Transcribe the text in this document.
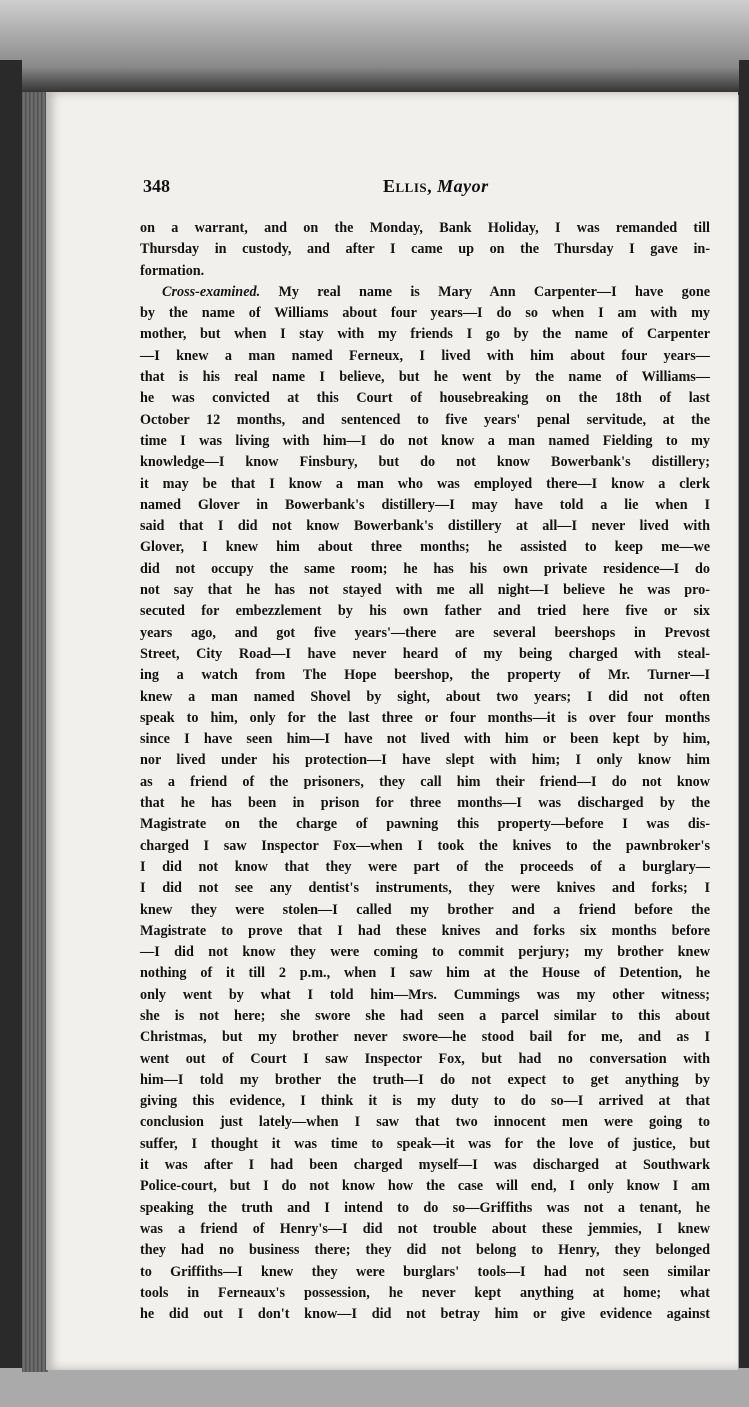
348	Ellis, Mayor
on a warrant, and on the Monday, Bank Holiday, I was remanded till
Thursday in custody, and after I came up on the Thursday I gave in-
formation.
Cross-examined. My real name is Mary Ann Carpenter—I have gone
by the name of Williams about four years—I do so when I am with my
mother, but when I stay with my friends I go by the name of Carpenter
—I knew a man named Ferneux, I lived with him about four years—
that is his real name I believe, but he went by the name of Williams—
he was convicted at this Court of housebreaking on the 18th of last
October 12 months, and sentenced to five years' penal servitude, at the
time I was living with him—I do not know a man named Fielding to my
knowledge—I know Finsbury, but do not know Bowerbank's distillery;
it may be that I know a man who was employed there—I know a clerk
named Glover in Bowerbank's distillery—I may have told a lie when I
said that I did not know Bowerbank's distillery at all—I never lived with
Glover, I knew him about three months; he assisted to keep me—we
did not occupy the same room; he has his own private residence—I do
not say that he has not stayed with me all night—I believe he was pro-
secuted for embezzlement by his own father and tried here five or six
years ago, and got five years'—there are several beershops in Prevost
Street, City Road—I have never heard of my being charged with steal-
ing a watch from The Hope beershop, the property of Mr. Turner—I
knew a man named Shovel by sight, about two years; I did not often
speak to him, only for the last three or four months—it is over four months
since I have seen him—I have not lived with him or been kept by him,
nor lived under his protection—I have slept with him; I only know him
as a friend of the prisoners, they call him their friend—I do not know
that he has been in prison for three months—I was discharged by the
Magistrate on the charge of pawning this property—before I was dis-
charged I saw Inspector Fox—when I took the knives to the pawnbroker's
I did not know that they were part of the proceeds of a burglary—
I did not see any dentist's instruments, they were knives and forks; I
knew they were stolen—I called my brother and a friend before the
Magistrate to prove that I had these knives and forks six months before
—I did not know they were coming to commit perjury; my brother knew
nothing of it till 2 p.m., when I saw him at the House of Detention, he
only went by what I told him—Mrs. Cummings was my other witness;
she is not here; she swore she had seen a parcel similar to this about
Christmas, but my brother never swore—he stood bail for me, and as I
went out of Court I saw Inspector Fox, but had no conversation with
him—I told my brother the truth—I do not expect to get anything by
giving this evidence, I think it is my duty to do so—I arrived at that
conclusion just lately—when I saw that two innocent men were going to
suffer, I thought it was time to speak—it was for the love of justice, but
it was after I had been charged myself—I was discharged at Southwark
Police-court, but I do not know how the case will end, I only know I am
speaking the truth and I intend to do so—Griffiths was not a tenant, he
was a friend of Henry's—I did not trouble about these jemmies, I knew
they had no business there; they did not belong to Henry, they belonged
to Griffiths—I knew they were burglars' tools—I had not seen similar
tools in Ferneaux's possession, he never kept anything at home; what
he did out I don't know—I did not betray him or give evidence against
